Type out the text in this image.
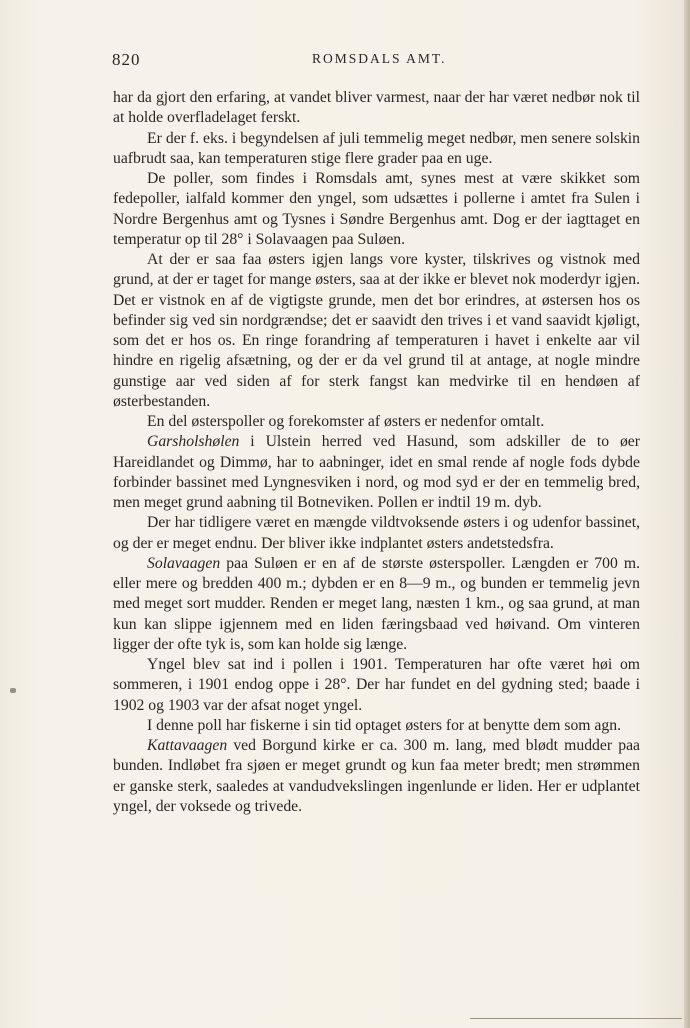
820	ROMSDALS AMT.

har da gjort den erfaring, at vandet bliver varmest, naar der har været nedbør nok til at holde overfladelaget ferskt.

Er der f. eks. i begyndelsen af juli temmelig meget nedbør, men senere solskin uafbrudt saa, kan temperaturen stige flere grader paa en uge.

De poller, som findes i Romsdals amt, synes mest at være skikket som fedepoller, ialfald kommer den yngel, som udsættes i pollerne i amtet fra Sulen i Nordre Bergenhus amt og Tysnes i Søndre Bergenhus amt. Dog er der iagttaget en temperatur op til 28° i Solavaagen paa Suløen.

At der er saa faa østers igjen langs vore kyster, tilskrives og vistnok med grund, at der er taget for mange østers, saa at der ikke er blevet nok moderdyr igjen. Det er vistnok en af de vigtigste grunde, men det bor erindres, at østersen hos os befinder sig ved sin nordgrændse; det er saavidt den trives i et vand saavidt kjøligt, som det er hos os. En ringe forandring af temperaturen i havet i enkelte aar vil hindre en rigelig afsætning, og der er da vel grund til at antage, at nogle mindre gunstige aar ved siden af for sterk fangst kan medvirke til en hendøen af østerbestanden.

En del østerspoller og forekomster af østers er nedenfor omtalt.

Garsholshølen i Ulstein herred ved Hasund, som adskiller de to øer Hareidlandet og Dimmø, har to aabninger, idet en smal rende af nogle fods dybde forbinder bassinet med Lyngnesviken i nord, og mod syd er der en temmelig bred, men meget grund aabning til Botneviken. Pollen er indtil 19 m. dyb.

Der har tidligere været en mængde vildtvoksende østers i og udenfor bassinet, og der er meget endnu. Der bliver ikke indplantet østers andetstedsfra.

Solavaagen paa Suløen er en af de største østerspoller. Længden er 700 m. eller mere og bredden 400 m.; dybden er en 8—9 m., og bunden er temmelig jevn med meget sort mudder. Renden er meget lang, næsten 1 km., og saa grund, at man kun kan slippe igjennem med en liden færingsbaad ved høivand. Om vinteren ligger der ofte tyk is, som kan holde sig længe.

Yngel blev sat ind i pollen i 1901. Temperaturen har ofte været høi om sommeren, i 1901 endog oppe i 28°. Der har fundet en del gydning sted; baade i 1902 og 1903 var der afsat noget yngel.

I denne poll har fiskerne i sin tid optaget østers for at benytte dem som agn.

Kattavaagen ved Borgund kirke er ca. 300 m. lang, med blødt mudder paa bunden. Indløbet fra sjøen er meget grundt og kun faa meter bredt; men strømmen er ganske sterk, saaledes at vandudvekslingen ingenlunde er liden. Her er udplantet yngel, der voksede og trivede.
